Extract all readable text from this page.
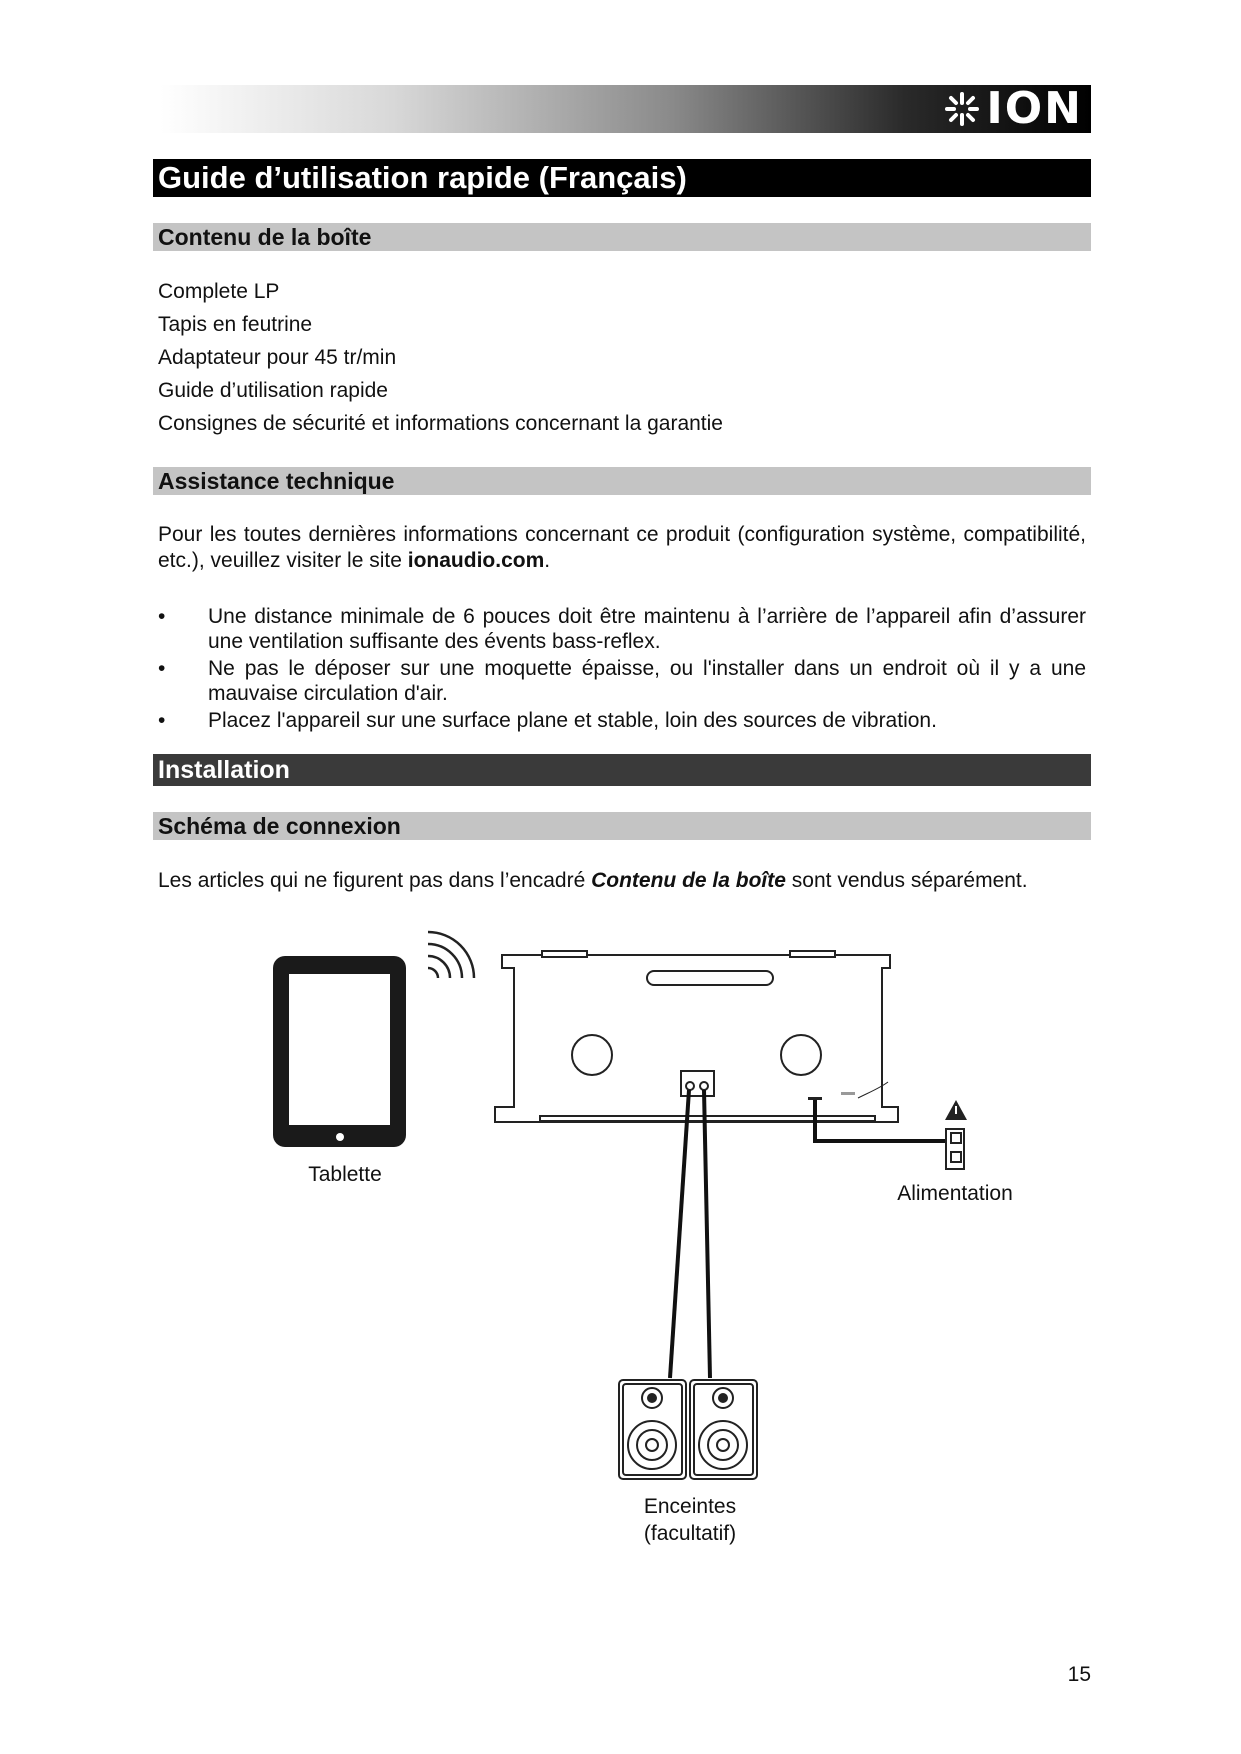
ION
Guide d’utilisation rapide (Français)
Contenu de la boîte
Complete LP
Tapis en feutrine
Adaptateur pour 45 tr/min
Guide d’utilisation rapide
Consignes de sécurité et informations concernant la garantie
Assistance technique

Pour les toutes dernières informations concernant ce produit (configuration système, compatibilité, etc.), veuillez visiter le site ionaudio.com.

• Une distance minimale de 6 pouces doit être maintenu à l’arrière de l’appareil afin d’assurer une ventilation suffisante des évents bass-reflex.
• Ne pas le déposer sur une moquette épaisse, ou l'installer dans un endroit où il y a une mauvaise circulation d'air.
• Placez l'appareil sur une surface plane et stable, loin des sources de vibration.
Installation
Schéma de connexion

Les articles qui ne figurent pas dans l’encadré Contenu de la boîte sont vendus séparément.

Tablette
Alimentation
Enceintes
(facultatif)
15
